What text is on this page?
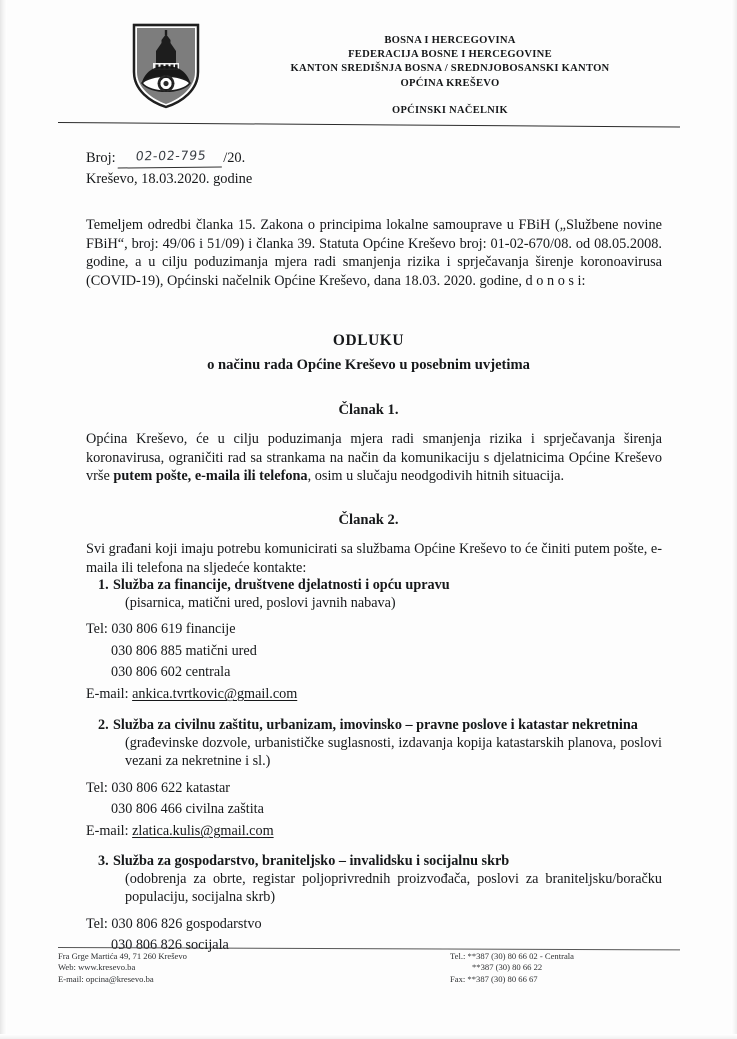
BOSNA I HERCEGOVINA
FEDERACIJA BOSNE I HERCEGOVINE
KANTON SREDIŠNJA BOSNA / SREDNJOBOSANSKI KANTON
OPĆINA KREŠEVO
OPĆINSKI NAČELNIK
Broj: 02-02-795 /20.
Kreševo, 18.03.2020. godine
Temeljem odredbi članka 15. Zakona o principima lokalne samouprave u FBiH („Službene novine FBiH“, broj: 49/06 i 51/09) i članka 39. Statuta Općine Kreševo broj: 01-02-670/08. od 08.05.2008. godine, a u cilju poduzimanja mjera radi smanjenja rizika i sprječavanja širenje koronoavirusa (COVID-19), Općinski načelnik Općine Kreševo, dana 18.03. 2020. godine, d o n o s i:
ODLUKU
o načinu rada Općine Kreševo u posebnim uvjetima
Članak 1.
Općina Kreševo, će u cilju poduzimanja mjera radi smanjenja rizika i sprječavanja širenja koronavirusa, ograničiti rad sa strankama na način da komunikaciju s djelatnicima Općine Kreševo vrše putem pošte, e-maila ili telefona, osim u slučaju neodgodivih hitnih situacija.
Članak 2.
Svi građani koji imaju potrebu komunicirati sa službama Općine Kreševo to će činiti putem pošte, e-maila ili telefona na sljedeće kontakte:
1. Služba za financije, društvene djelatnosti i opću upravu
(pisarnica, matični ured, poslovi javnih nabava)
Tel: 030 806 619 financije
030 806 885 matični ured
030 806 602 centrala
E-mail: ankica.tvrtkovic@gmail.com
2. Služba za civilnu zaštitu, urbanizam, imovinsko – pravne poslove i katastar nekretnina
(građevinske dozvole, urbanističke suglasnosti, izdavanja kopija katastarskih planova, poslovi vezani za nekretnine i sl.)
Tel: 030 806 622 katastar
030 806 466 civilna zaštita
E-mail: zlatica.kulis@gmail.com
3. Služba za gospodarstvo, braniteljsko – invalidsku i socijalnu skrb
(odobrenja za obrte, registar poljoprivrednih proizvođača, poslovi za braniteljsku/boračku populaciju, socijalna skrb)
Tel: 030 806 826 gospodarstvo
030 806 826 socijala
Fra Grge Martića 49, 71 260 Kreševo
Web: www.kresevo.ba
E-mail: opcina@kresevo.ba
Tel.: **387 (30) 80 66 02 - Centrala
**387 (30) 80 66 22
Fax: **387 (30) 80 66 67
